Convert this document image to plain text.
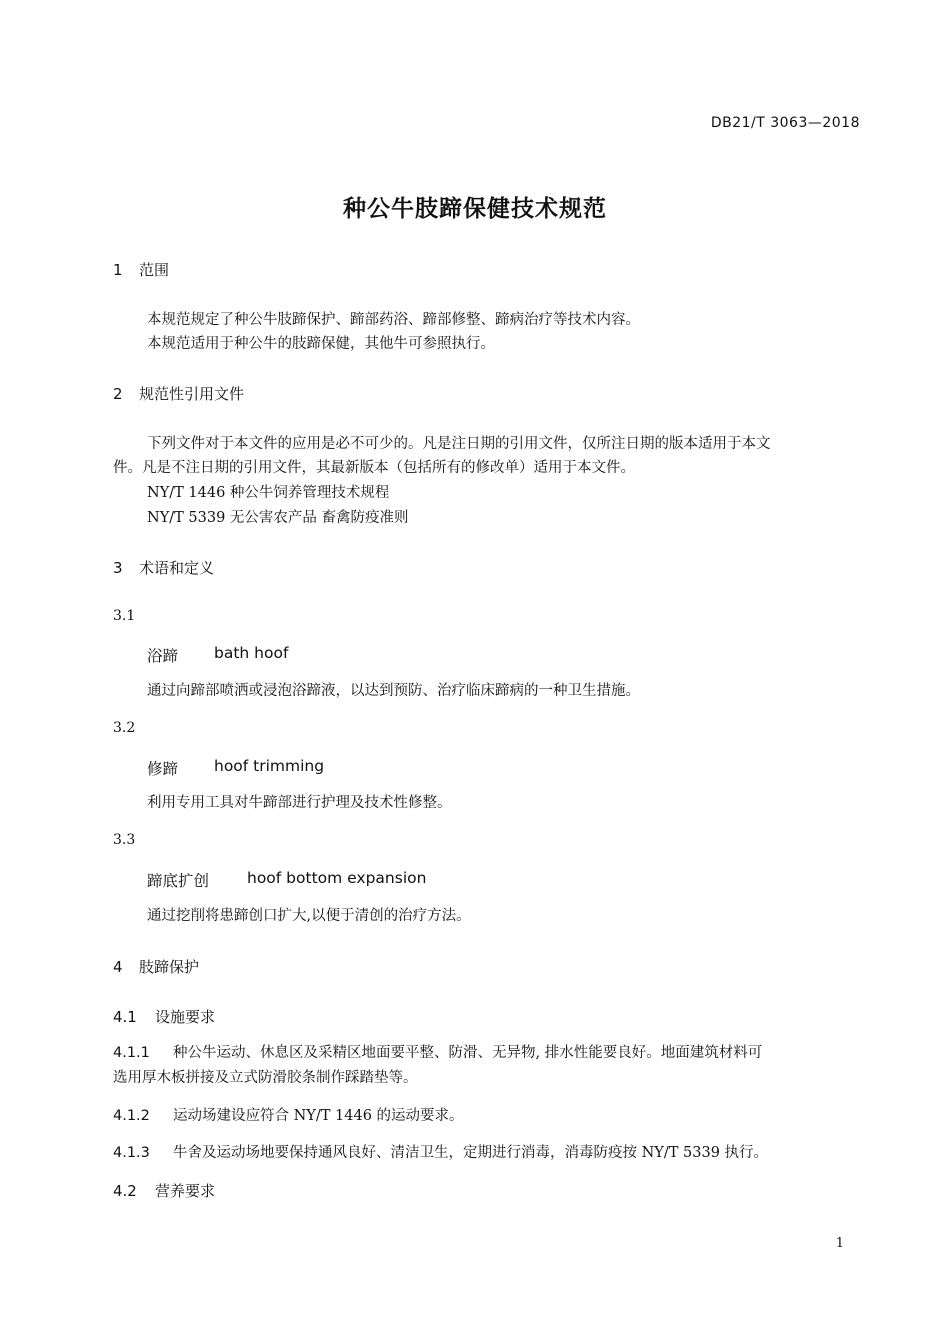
DB21/T 3063—2018
种公牛肢蹄保健技术规范
1 范围
本规范规定了种公牛肢蹄保护、蹄部药浴、蹄部修整、蹄病治疗等技术内容。
本规范适用于种公牛的肢蹄保健，其他牛可参照执行。
2 规范性引用文件
下列文件对于本文件的应用是必不可少的。凡是注日期的引用文件，仅所注日期的版本适用于本文
件。凡是不注日期的引用文件，其最新版本（包括所有的修改单）适用于本文件。
NY/T 1446 种公牛饲养管理技术规程
NY/T 5339 无公害农产品 畜禽防疫准则
3 术语和定义
3.1
浴蹄 bath hoof
通过向蹄部喷洒或浸泡浴蹄液，以达到预防、治疗临床蹄病的一种卫生措施。
3.2
修蹄 hoof trimming
利用专用工具对牛蹄部进行护理及技术性修整。
3.3
蹄底扩创 hoof bottom expansion
通过挖削将患蹄创口扩大,以便于清创的治疗方法。
4 肢蹄保护
4.1 设施要求
4.1.1 种公牛运动、休息区及采精区地面要平整、防滑、无异物, 排水性能要良好。地面建筑材料可
选用厚木板拼接及立式防滑胶条制作踩踏垫等。
4.1.2 运动场建设应符合 NY/T 1446 的运动要求。
4.1.3 牛舍及运动场地要保持通风良好、清洁卫生，定期进行消毒，消毒防疫按 NY/T 5339 执行。
4.2 营养要求
1
